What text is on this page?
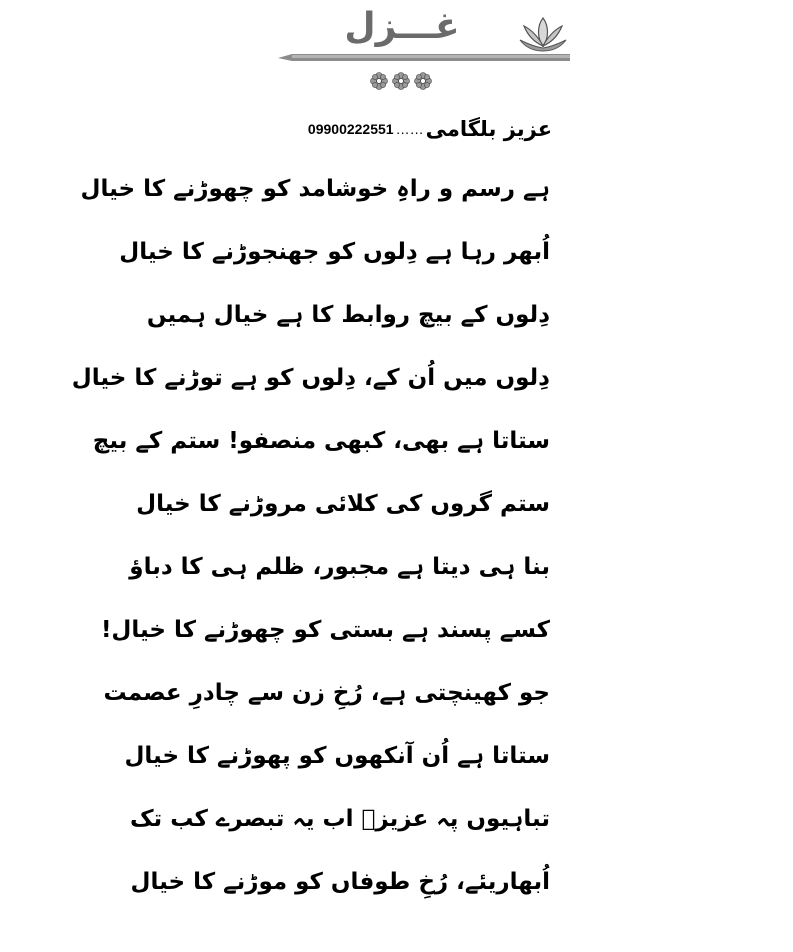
غـــزل
09900222551 …… عزیز بلگامی
ہے رسم و راہِ خوشامد کو چھوڑنے کا خیال
اُبھر رہا ہے دِلوں کو جھنجوڑنے کا خیال
دِلوں کے بیچ روابط کا ہے خیال ہمیں
دِلوں میں اُن کے، دِلوں کو ہے توڑنے کا خیال
ستاتا ہے بھی، کبھی منصفو! ستم کے بیچ
ستم گروں کی کلائی مروڑنے کا خیال
بنا ہی دیتا ہے مجبور، ظلم ہی کا دباؤ
کسے پسند ہے بستی کو چھوڑنے کا خیال!
جو کھینچتی ہے، رُخِ زن سے چادرِ عصمت
ستاتا ہے اُن آنکھوں کو پھوڑنے کا خیال
تباہیوں پہ عزیزؔ اب یہ تبصرے کب تک
اُبھاریئے، رُخِ طوفاں کو موڑنے کا خیال
